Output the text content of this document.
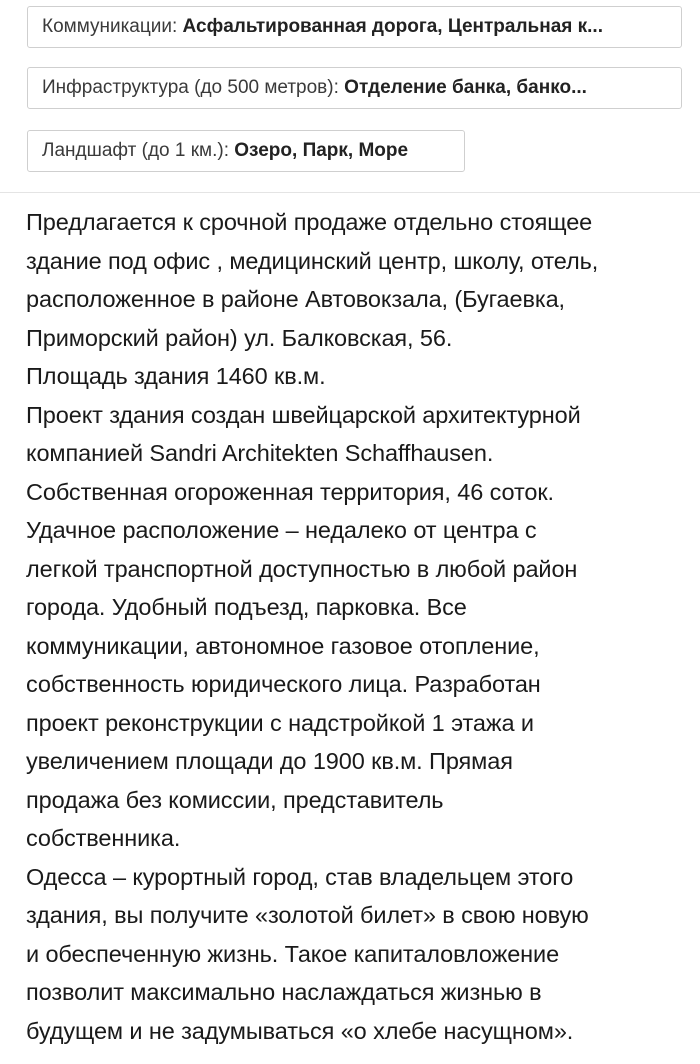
Коммуникации: Асфальтированная дорога, Центральная к...
Инфраструктура (до 500 метров): Отделение банка, банко...
Ландшафт (до 1 км.): Озеро, Парк, Море
Предлагается к срочной продаже отдельно стоящее
здание под офис , медицинский центр, школу, отель,
расположенное в районе Автовокзала, (Бугаевка,
Приморский район) ул. Балковская, 56.
Площадь здания 1460 кв.м.
Проект здания создан швейцарской архитектурной
компанией Sandri Architekten Schaffhausen.
Собственная огороженная территория, 46 соток.
Удачное расположение – недалеко от центра с
легкой транспортной доступностью в любой район
города. Удобный подъезд, парковка. Все
коммуникации, автономное газовое отопление,
собственность юридического лица. Разработан
проект реконструкции с надстройкой 1 этажа и
увеличением площади до 1900 кв.м. Прямая
продажа без комиссии, представитель
собственника.
Одесса – курортный город, став владельцем этого
здания, вы получите «золотой билет» в свою новую
и обеспеченную жизнь. Такое капиталовложение
позволит максимально наслаждаться жизнью в
будущем и не задумываться «о хлебе насущном».
